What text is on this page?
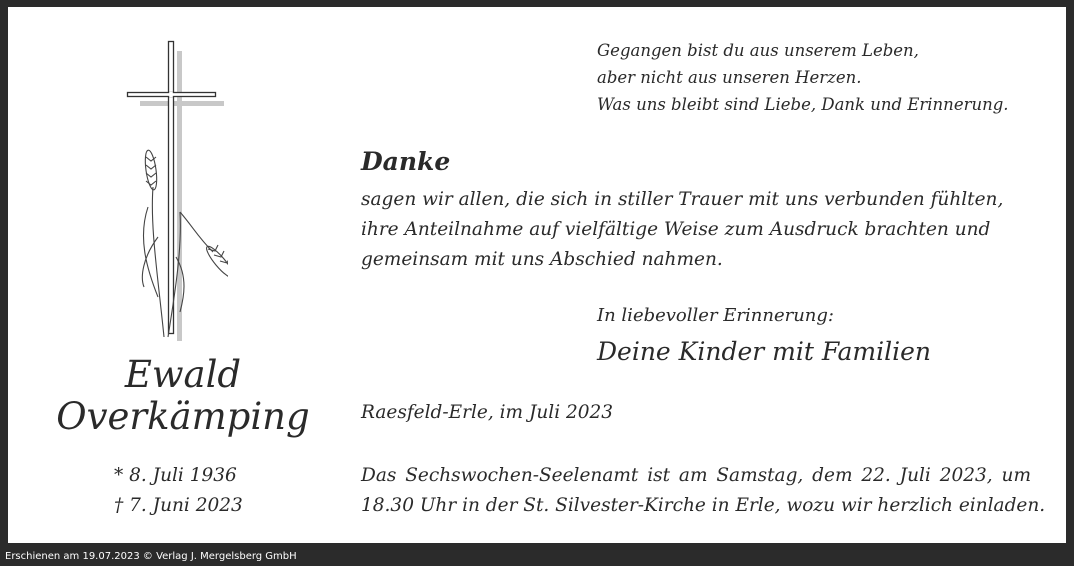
Gegangen bist du aus unserem Leben,
aber nicht aus unseren Herzen.
Was uns bleibt sind Liebe, Dank und Erinnerung.
Danke
sagen wir allen, die sich in stiller Trauer mit uns verbunden fühlten,
ihre Anteilnahme auf vielfältige Weise zum Ausdruck brachten und
gemeinsam mit uns Abschied nahmen.
In liebevoller Erinnerung:
Deine Kinder mit Familien
Raesfeld-Erle, im Juli 2023
Das Sechswochen-Seelenamt ist am Samstag, dem 22. Juli 2023, um
18.30 Uhr in der St. Silvester-Kirche in Erle, wozu wir herzlich einladen.
Ewald
Overkämping
* 8. Juli 1936
† 7. Juni 2023
Erschienen am 19.07.2023 © Verlag J. Mergelsberg GmbH
